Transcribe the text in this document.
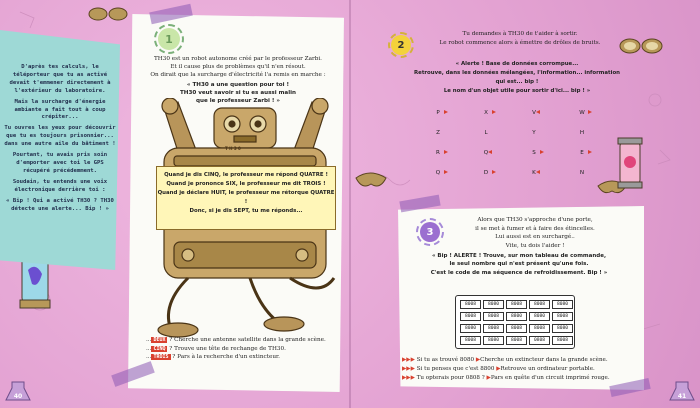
D'après tes calculs, le téléporteur que tu as activé devait t'emmener directement à l'extérieur du laboratoire.

Mais la surcharge d'énergie ambiante a fait tout à coup crépiter...

Tu ouvres les yeux pour découvrir que tu es toujours prisonnier... dans une autre aile du bâtiment !

Pourtant, tu avais pris soin d'emporter avec toi le GPS récupéré précédemment.

Soudain, tu entends une voix électronique derrière toi :

« Bip ! Qui a activé TH30 ? TH30 détecte une alerte... Bip ! »

1
TH30 est un robot autonome créé par le professeur Zarbi.
Et il cause plus de problèmes qu'il n'en résout.
On dirait que la surcharge d'électricité l'a remis en marche :
« TH30 a une question pour toi !
TH30 veut savoir si tu es aussi malin
que le professeur Zarbi ! »
T H 3 0
Quand je dis CINQ, le professeur me répond QUATRE !
Quand je prononce SIX, le professeur me dit TROIS !
Quand je déclare HUIT, le professeur me rétorque QUATRE !
Donc, si je dis SEPT, tu me réponds...
... DEUX ? Cherche une antenne satellite dans la grande scène.
... CINQ ? Trouve une tête de rechange de TH30.
... TROIS ? Pars à la recherche d'un extincteur.
2
Tu demandes à TH30 de t'aider à sortir.
Le robot commence alors à émettre de drôles de bruits.
« Alerte ! Base de données corrompue...
Retrouve, dans les données mélangées, l'information... information qui est... bip !
Le nom d'un objet utile pour sortir d'ici... bip ! »
P	X	V	W
Z	L	Y	H
R	Q	S	E
Q	D	K	N
3
Alors que TH30 s'approche d'une porte,
il se met à fumer et à faire des étincelles.
Lui aussi est en surchargé..
Vite, tu dois l'aider !
« Bip ! ALERTE ! Trouve, sur mon tableau de commande,
le seul nombre qui n'est présent qu'une fois.
C'est le code de ma séquence de refroidissement. Bip ! »
8008	8080	8008	8008	8080
8008	8008	8800	8080	8008
8080	8008	8008	8008	8080
8008	8080	8008	0808	8008
▶▶▶ Si tu as trouvé 8080 ▶Cherche un extincteur dans la grande scène.
▶▶▶ Si tu penses que c'est 8800 ▶Retrouve un ordinateur portable.
▶▶▶ Tu opterais pour 0808 ? ▶Pars en quête d'un circuit imprimé rouge.
40	41
